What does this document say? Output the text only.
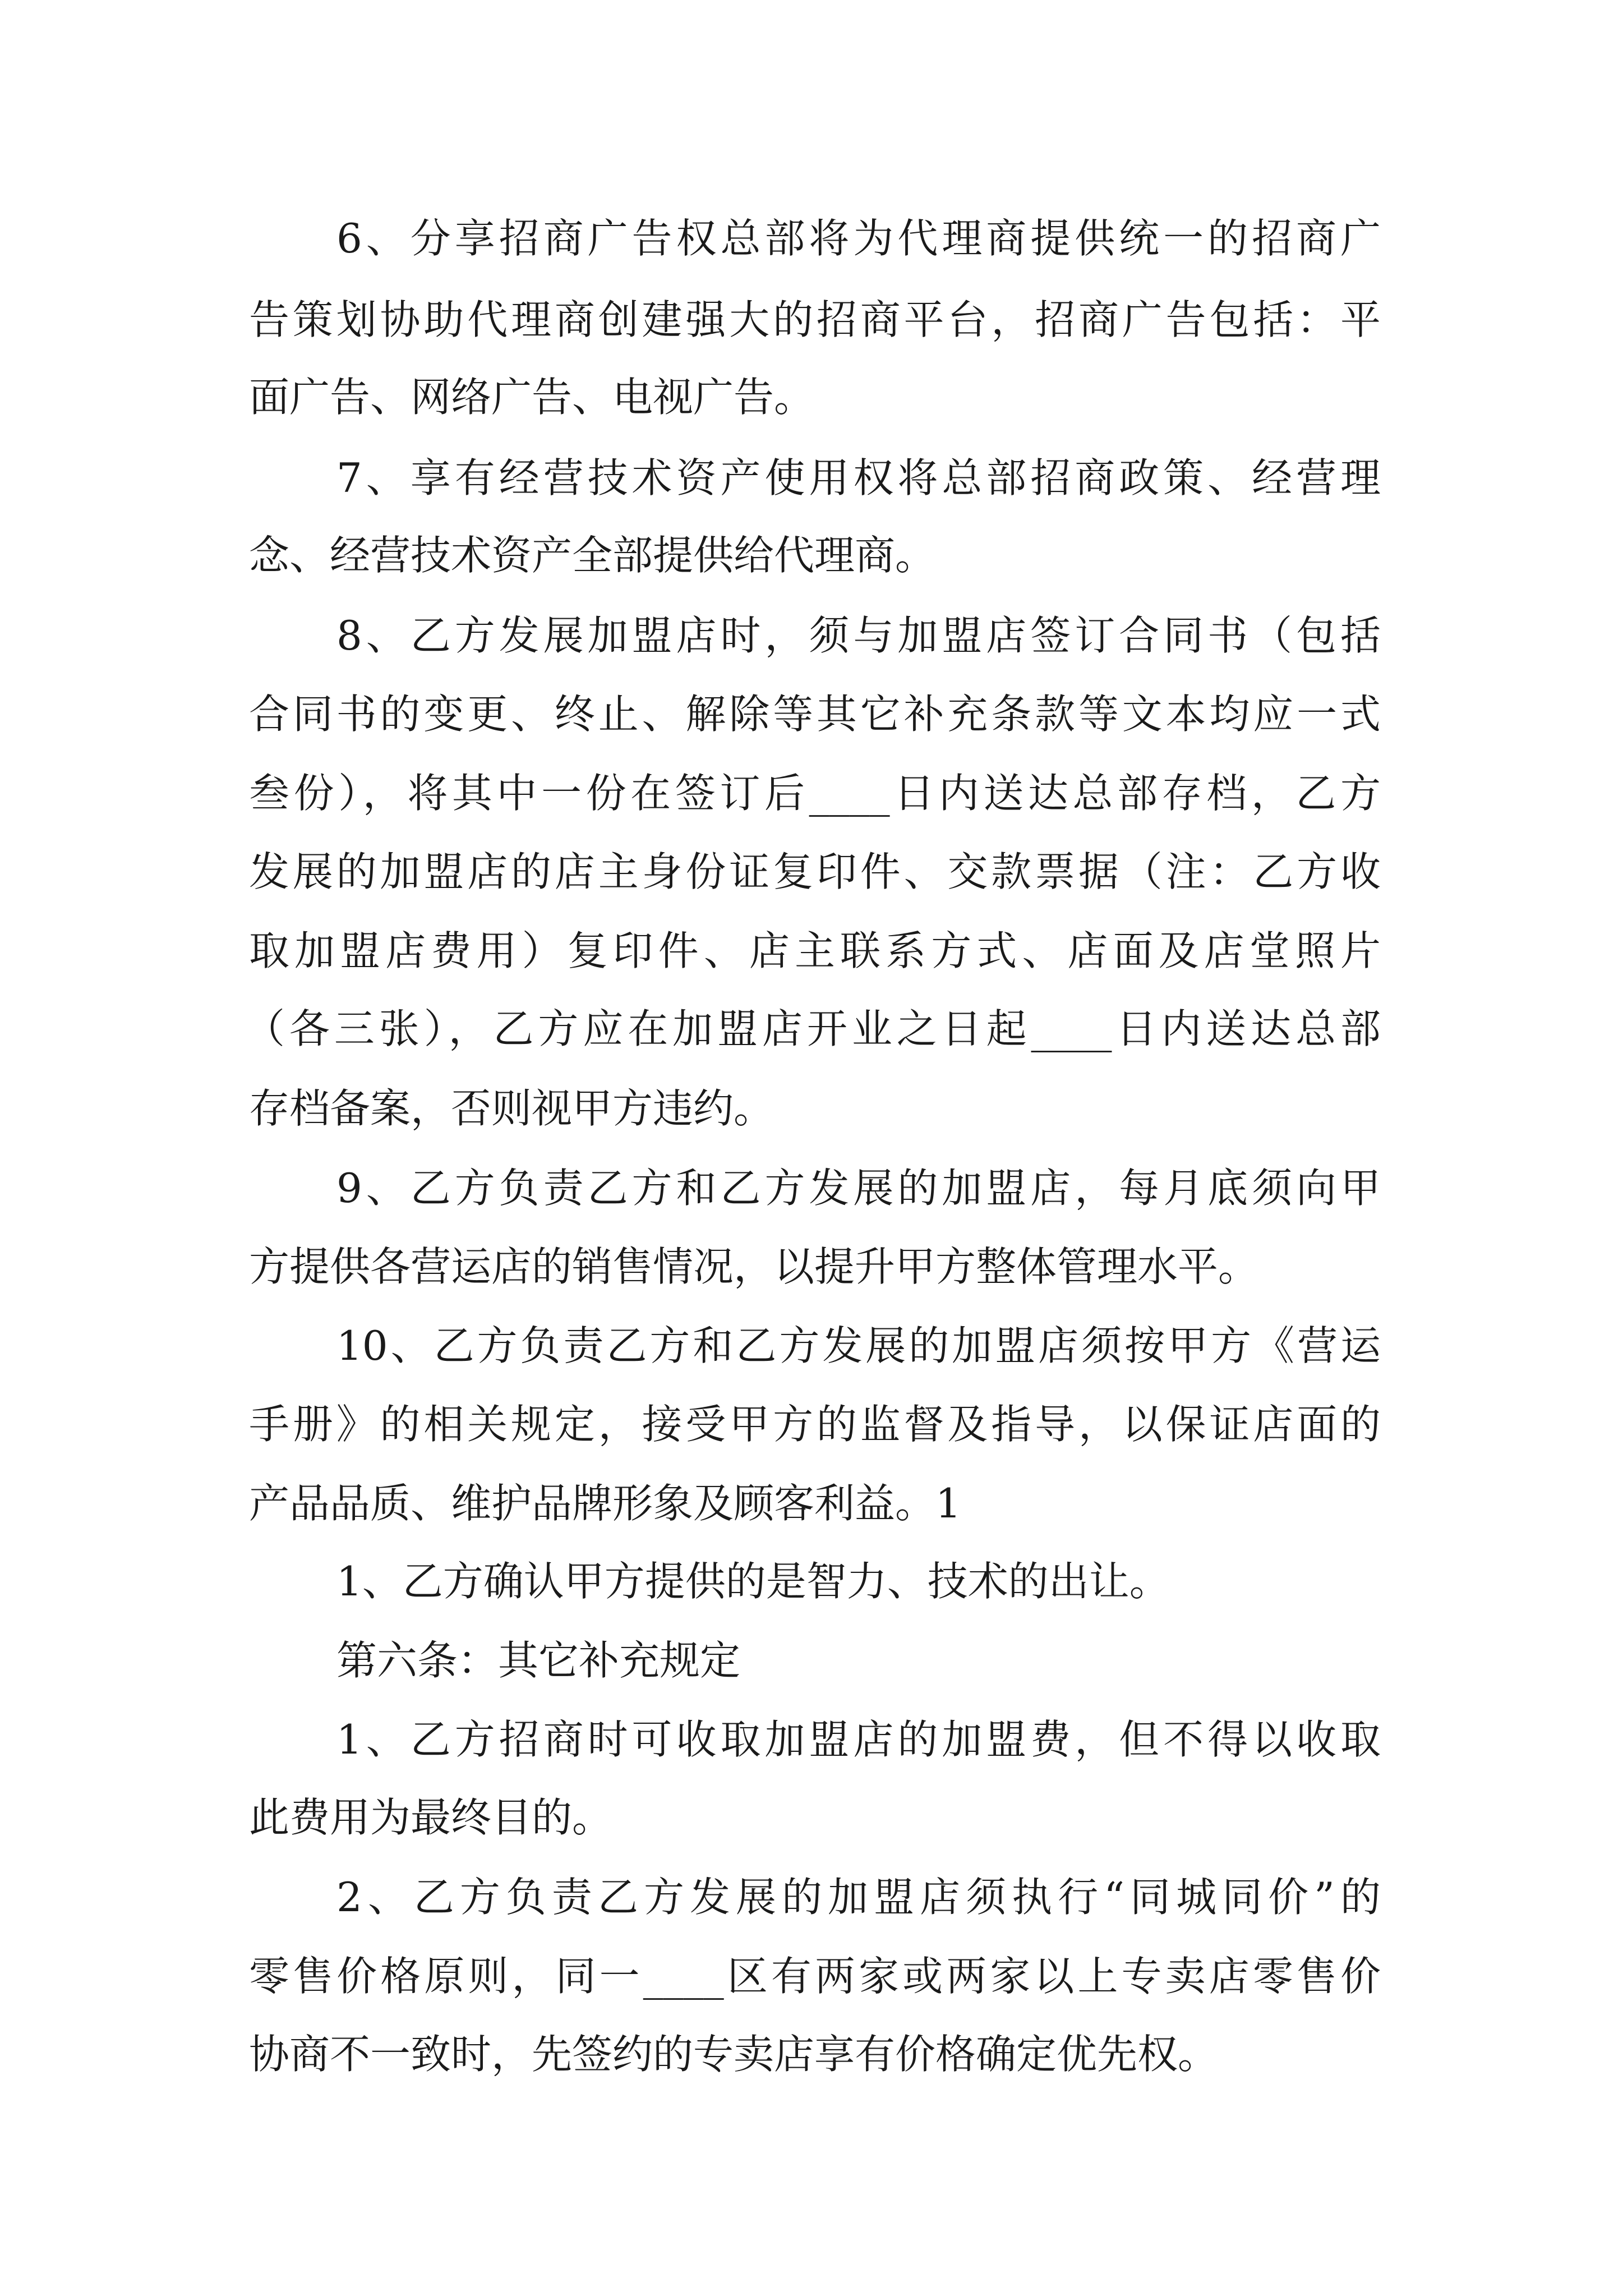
6、分享招商广告权总部将为代理商提供统一的招商广

告策划协助代理商创建强大的招商平台，招商广告包括：平

面广告、网络广告、电视广告。

7、享有经营技术资产使用权将总部招商政策、经营理

念、经营技术资产全部提供给代理商。

8、乙方发展加盟店时，须与加盟店签订合同书（包括

合同书的变更、终止、解除等其它补充条款等文本均应一式

叁份），将其中一份在签订后____日内送达总部存档，乙方

发展的加盟店的店主身份证复印件、交款票据（注：乙方收

取加盟店费用）复印件、店主联系方式、店面及店堂照片

（各三张），乙方应在加盟店开业之日起____日内送达总部

存档备案，否则视甲方违约。

9、乙方负责乙方和乙方发展的加盟店，每月底须向甲

方提供各营运店的销售情况，以提升甲方整体管理水平。

10、乙方负责乙方和乙方发展的加盟店须按甲方《营运

手册》的相关规定，接受甲方的监督及指导，以保证店面的

产品品质、维护品牌形象及顾客利益。1

1、乙方确认甲方提供的是智力、技术的出让。

第六条：其它补充规定

1、乙方招商时可收取加盟店的加盟费，但不得以收取

此费用为最终目的。

2、乙方负责乙方发展的加盟店须执行“同城同价”的

零售价格原则，同一____区有两家或两家以上专卖店零售价

协商不一致时，先签约的专卖店享有价格确定优先权。
